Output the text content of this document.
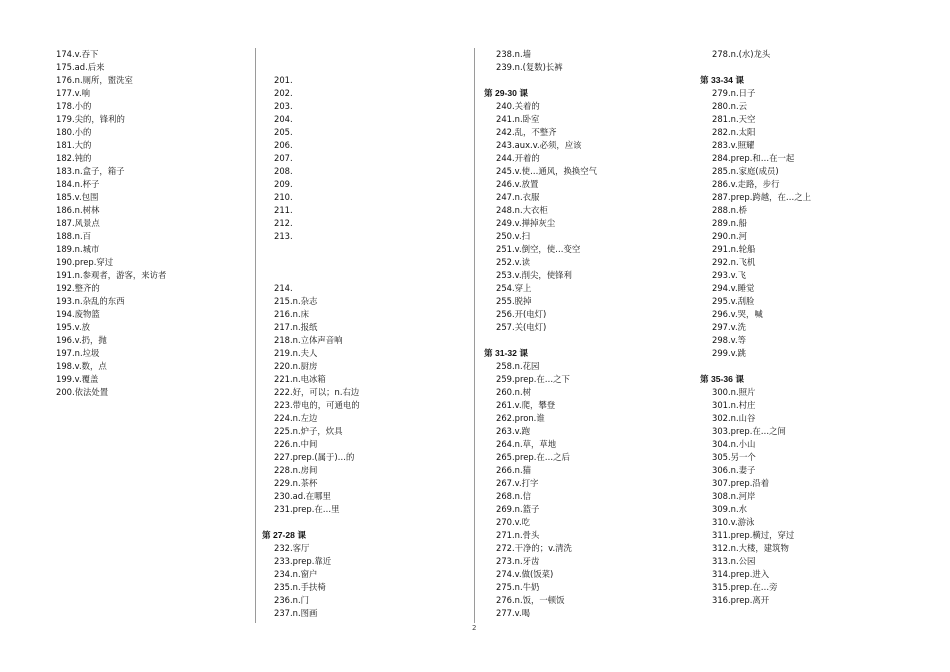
174.v.吞下
175.ad.后来
176.n.厕所，盥洗室
177.v.响
178.小的
179.尖的，锋利的
180.小的
181.大的
182.钝的
183.n.盒子，箱子
184.n.杯子
185.v.包围
186.n.树林
187.风景点
188.n.百
189.n.城市
190.prep.穿过
191.n.参观者，游客，来访者
192.整齐的
193.n.杂乱的东西
194.废物篮
195.v.放
196.v.扔，抛
197.n.垃圾
198.v.数，点
199.v.覆盖
200.依法处置
201.
202.
203.
204.
205.
206.
207.
208.
209.
210.
211.
212.
213.
214.
215.n.杂志
216.n.床
217.n.报纸
218.n.立体声音响
219.n.夫人
220.n.厨房
221.n.电冰箱
222.好，可以；n.右边
223.带电的，可通电的
224.n.左边
225.n.炉子，炊具
226.n.中间
227.prep.(属于)…的
228.n.房间
229.n.茶杯
230.ad.在哪里
231.prep.在…里
第 27-28 课
232.客厅
233.prep.靠近
234.n.窗户
235.n.手扶椅
236.n.门
237.n.图画
238.n.墙
239.n.(复数)长裤
第 29-30 课
240.关着的
241.n.卧室
242.乱，不整齐
243.aux.v.必须，应该
244.开着的
245.v.使…通风，换换空气
246.v.放置
247.n.衣服
248.n.大衣柜
249.v.掸掉灰尘
250.v.扫
251.v.倒空，使…变空
252.v.读
253.v.削尖，使锋利
254.穿上
255.脱掉
256.开(电灯)
257.关(电灯)
第 31-32 课
258.n.花园
259.prep.在…之下
260.n.树
261.v.爬，攀登
262.pron.谁
263.v.跑
264.n.草，草地
265.prep.在…之后
266.n.猫
267.v.打字
268.n.信
269.n.篮子
270.v.吃
271.n.骨头
272.干净的；v.清洗
273.n.牙齿
274.v.做(饭菜)
275.n.牛奶
276.n.饭，一顿饭
277.v.喝
278.n.(水)龙头
第 33-34 课
279.n.日子
280.n.云
281.n.天空
282.n.太阳
283.v.照耀
284.prep.和…在一起
285.n.家庭(成员)
286.v.走路，步行
287.prep.跨越，在…之上
288.n.桥
289.n.船
290.n.河
291.n.轮船
292.n.飞机
293.v.飞
294.v.睡觉
295.v.刮脸
296.v.哭，喊
297.v.洗
298.v.等
299.v.跳
第 35-36 课
300.n.照片
301.n.村庄
302.n.山谷
303.prep.在…之间
304.n.小山
305.另一个
306.n.妻子
307.prep.沿着
308.n.河岸
309.n.水
310.v.游泳
311.prep.横过，穿过
312.n.大楼，建筑物
313.n.公园
314.prep.进入
315.prep.在…旁
316.prep.离开
2
